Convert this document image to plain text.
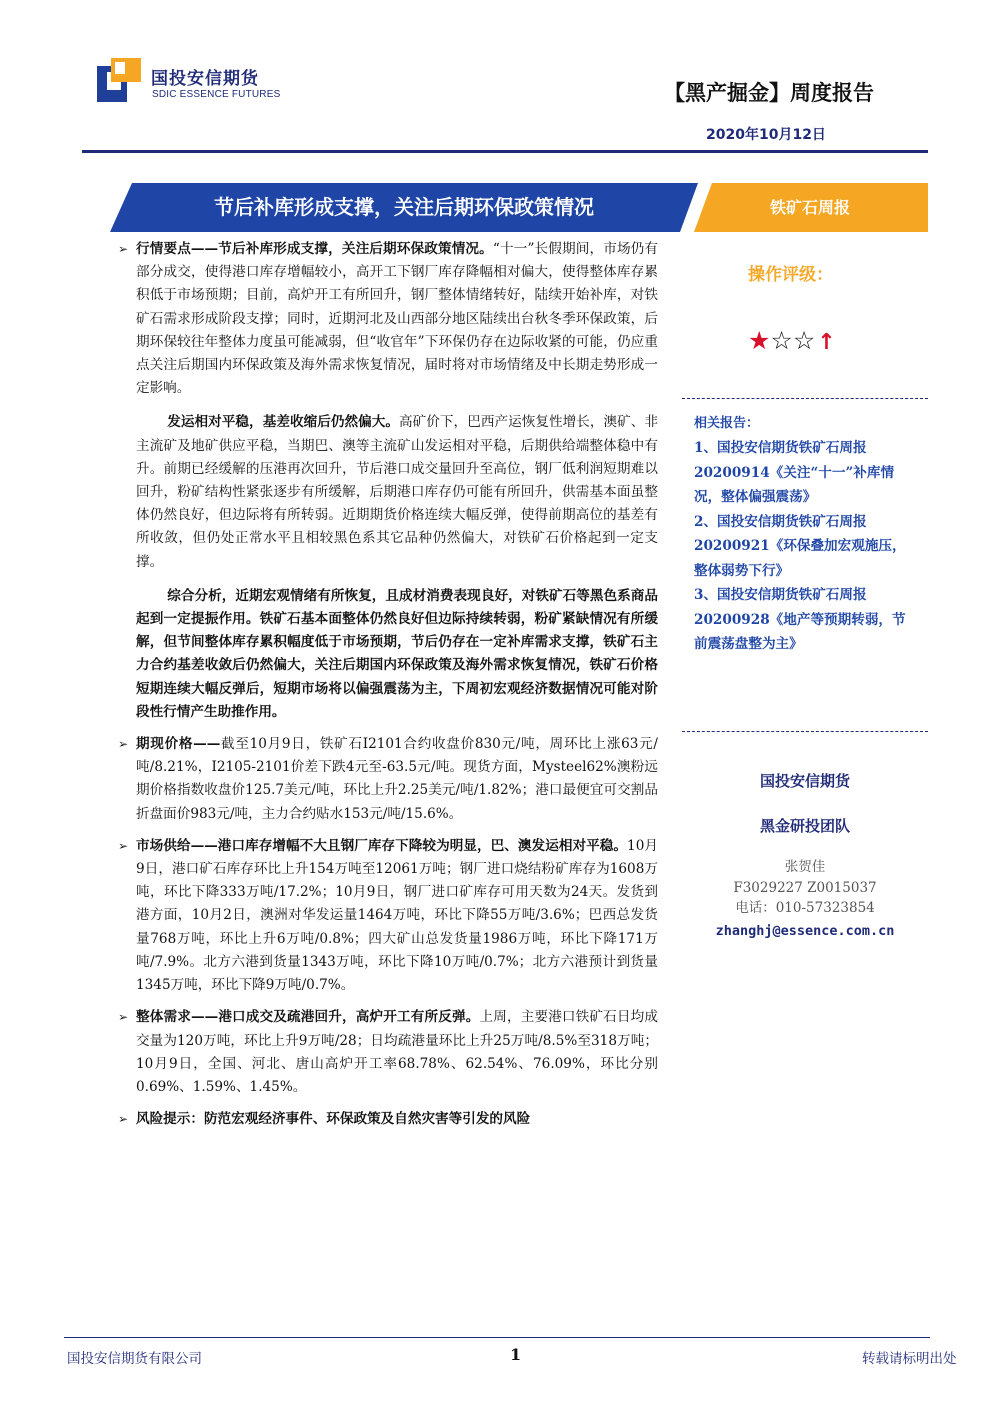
国投安信期货
SDIC ESSENCE FUTURES	【黑产掘金】周度报告
2020年10月12日
节后补库形成支撑，关注后期环保政策情况	铁矿石周报
➢ 行情要点——节后补库形成支撑，关注后期环保政策情况。“十一”长假期间，市场仍有部分成交，使得港口库存增幅较小，高开工下钢厂库存降幅相对偏大，使得整体库存累积低于市场预期；目前，高炉开工有所回升，钢厂整体情绪转好，陆续开始补库，对铁矿石需求形成阶段支撑；同时，近期河北及山西部分地区陆续出台秋冬季环保政策，后期环保较往年整体力度虽可能减弱，但“收官年”下环保仍存在边际收紧的可能，仍应重点关注后期国内环保政策及海外需求恢复情况，届时将对市场情绪及中长期走势形成一定影响。
发运相对平稳，基差收缩后仍然偏大。高矿价下，巴西产运恢复性增长，澳矿、非主流矿及地矿供应平稳，当期巴、澳等主流矿山发运相对平稳，后期供给端整体稳中有升。前期已经缓解的压港再次回升，节后港口成交量回升至高位，钢厂低利润短期难以回升，粉矿结构性紧张逐步有所缓解，后期港口库存仍可能有所回升，供需基本面虽整体仍然良好，但边际将有所转弱。近期期货价格连续大幅反弹，使得前期高位的基差有所收敛，但仍处正常水平且相较黑色系其它品种仍然偏大，对铁矿石价格起到一定支撑。
综合分析，近期宏观情绪有所恢复，且成材消费表现良好，对铁矿石等黑色系商品起到一定提振作用。铁矿石基本面整体仍然良好但边际持续转弱，粉矿紧缺情况有所缓解，但节间整体库存累积幅度低于市场预期，节后仍存在一定补库需求支撑，铁矿石主力合约基差收敛后仍然偏大，关注后期国内环保政策及海外需求恢复情况，铁矿石价格短期连续大幅反弹后，短期市场将以偏强震荡为主，下周初宏观经济数据情况可能对阶段性行情产生助推作用。
➢ 期现价格——截至10月9日，铁矿石I2101合约收盘价830元/吨，周环比上涨63元/吨/8.21%，I2105-2101价差下跌4元至-63.5元/吨。现货方面，Mysteel62%澳粉远期价格指数收盘价125.7美元/吨，环比上升2.25美元/吨/1.82%；港口最便宜可交割品折盘面价983元/吨，主力合约贴水153元/吨/15.6%。
➢ 市场供给——港口库存增幅不大且钢厂库存下降较为明显，巴、澳发运相对平稳。10月9日，港口矿石库存环比上升154万吨至12061万吨；钢厂进口烧结粉矿库存为1608万吨，环比下降333万吨/17.2%；10月9日，钢厂进口矿库存可用天数为24天。发货到港方面，10月2日，澳洲对华发运量1464万吨，环比下降55万吨/3.6%；巴西总发货量768万吨，环比上升6万吨/0.8%；四大矿山总发货量1986万吨，环比下降171万吨/7.9%。北方六港到货量1343万吨，环比下降10万吨/0.7%；北方六港预计到货量1345万吨，环比下降9万吨/0.7%。
➢ 整体需求——港口成交及疏港回升，高炉开工有所反弹。上周，主要港口铁矿石日均成交量为120万吨，环比上升9万吨/28；日均疏港量环比上升25万吨/8.5%至318万吨；10月9日，全国、河北、唐山高炉开工率68.78%、62.54%、76.09%，环比分别0.69%、1.59%、1.45%。
➢ 风险提示：防范宏观经济事件、环保政策及自然灾害等引发的风险
操作评级：
★☆☆↑
相关报告：
1、国投安信期货铁矿石周报
20200914《关注“十一”补库情
况，整体偏强震荡》
2、国投安信期货铁矿石周报
20200921《环保叠加宏观施压，
整体弱势下行》
3、国投安信期货铁矿石周报
20200928《地产等预期转弱，节
前震荡盘整为主》
国投安信期货
黑金研投团队
张贺佳
F3029227 Z0015037
电话：010-57323854
zhanghj@essence.com.cn
国投安信期货有限公司	1	转载请标明出处
